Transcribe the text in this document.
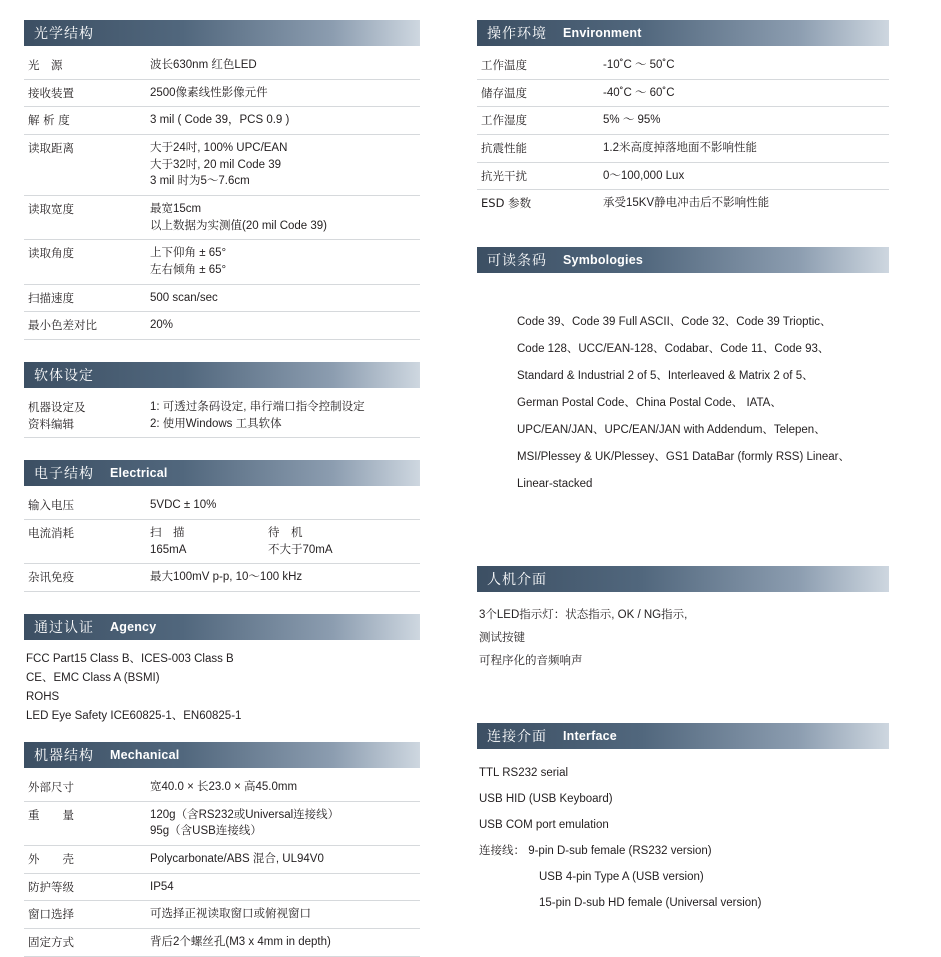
光学结构
光　源	波长630nm 红色LED
接收装置	2500像素线性影像元件
解 析 度	3 mil ( Code 39，PCS 0.9 )
读取距离	大于24吋, 100% UPC/EAN
	大于32吋, 20 mil Code 39
	3 mil 时为5～7.6cm
读取宽度	最宽15cm
	以上数据为实测值(20 mil Code 39)
读取角度	上下仰角 ± 65°
	左右倾角 ± 65°
扫描速度	500 scan/sec
最小色差对比	20%
软体设定
机器设定及	1: 可透过条码设定, 串行端口指令控制设定
资料编辑	2: 使用Windows 工具软体
电子结构 Electrical
输入电压	5VDC ± 10%
电流消耗	扫　描 待　机
	165mA 不大于70mA
杂讯免疫	最大100mV p-p, 10～100 kHz
通过认证 Agency
FCC Part15 Class B、ICES-003 Class B
CE、EMC Class A (BSMI)
ROHS
LED Eye Safety ICE60825-1、EN60825-1
机器结构 Mechanical
外部尺寸	宽40.0 × 长23.0 × 高45.0mm
重　　量	120g（含RS232或Universal连接线）
	95g（含USB连接线）
外　　壳	Polycarbonate/ABS 混合, UL94V0
防护等级	IP54
窗口选择	可选择正视读取窗口或俯视窗口
固定方式	背后2个螺丝孔(M3 x 4mm in depth)
操作环境 Environment
工作温度	-10˚C ～ 50˚C
储存温度	-40˚C ～ 60˚C
工作湿度	5% ～ 95%
抗震性能	1.2米高度掉落地面不影响性能
抗光干扰	0～100,000 Lux
ESD 参数	承受15KV静电冲击后不影响性能
可读条码 Symbologies
Code 39、Code 39 Full ASCII、Code 32、Code 39 Trioptic、
Code 128、UCC/EAN-128、Codabar、Code 11、Code 93、
Standard & Industrial 2 of 5、Interleaved & Matrix 2 of 5、
German Postal Code、China Postal Code、 IATA、
UPC/EAN/JAN、UPC/EAN/JAN with Addendum、Telepen、
MSI/Plessey & UK/Plessey、GS1 DataBar (formly RSS) Linear、
Linear-stacked
人机介面
3个LED指示灯：状态指示, OK / NG指示,
测试按键
可程序化的音频响声
连接介面 Interface
TTL RS232 serial
USB HID (USB Keyboard)
USB COM port emulation
连接线： 9-pin D-sub female (RS232 version)
USB 4-pin Type A (USB version)
15-pin D-sub HD female (Universal version)
